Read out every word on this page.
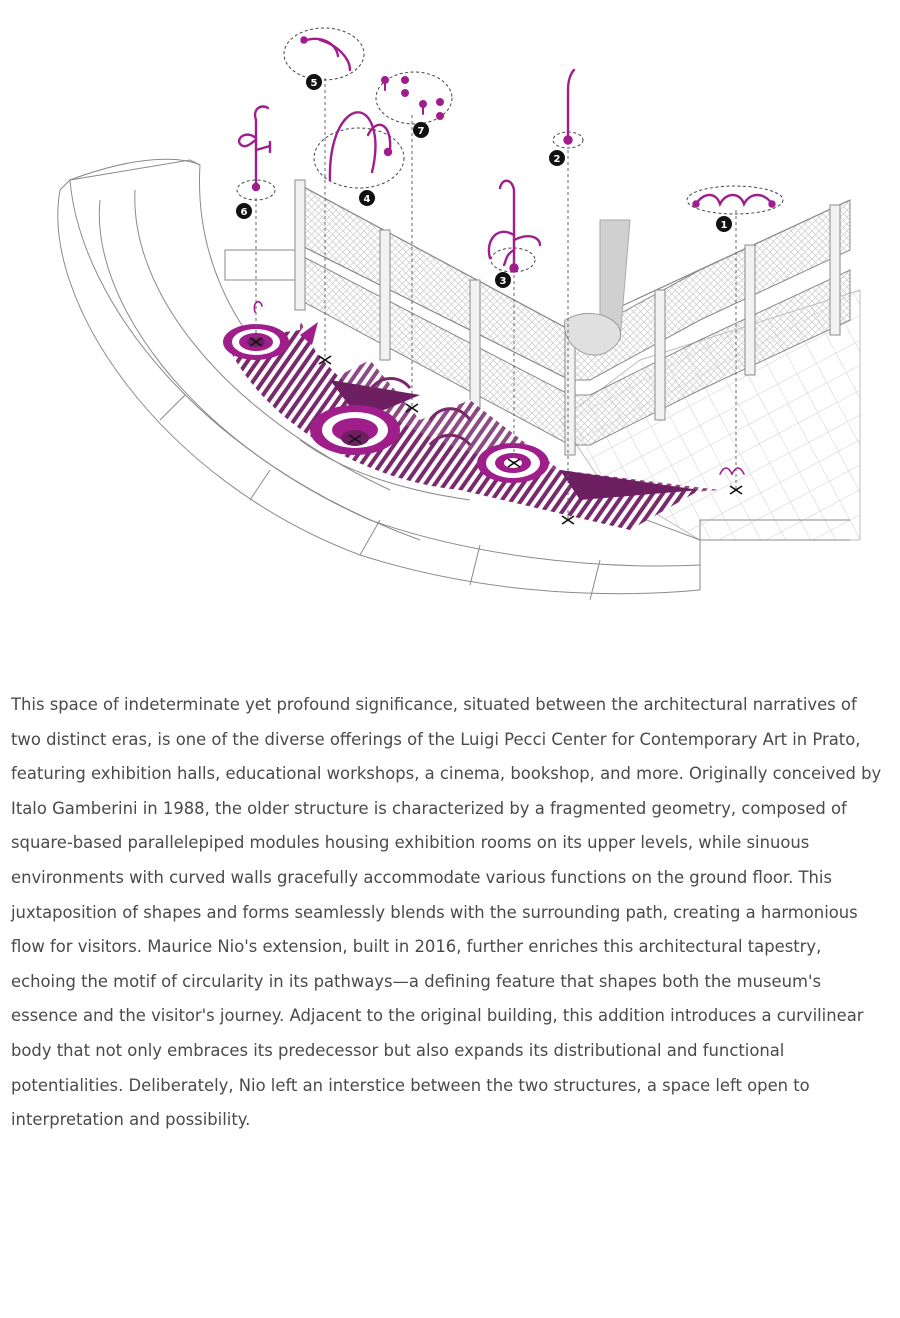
1
2
3
4
5
6
7

This space of indeterminate yet profound significance, situated between the architectural narratives of two distinct eras, is one of the diverse offerings of the Luigi Pecci Center for Contemporary Art in Prato, featuring exhibition halls, educational workshops, a cinema, bookshop, and more. Originally conceived by Italo Gamberini in 1988, the older structure is characterized by a fragmented geometry, composed of square-based parallelepiped modules housing exhibition rooms on its upper levels, while sinuous environments with curved walls gracefully accommodate various functions on the ground floor. This juxtaposition of shapes and forms seamlessly blends with the surrounding path, creating a harmonious flow for visitors. Maurice Nio's extension, built in 2016, further enriches this architectural tapestry, echoing the motif of circularity in its pathways—a defining feature that shapes both the museum's essence and the visitor's journey. Adjacent to the original building, this addition introduces a curvilinear body that not only embraces its predecessor but also expands its distributional and functional potentialities. Deliberately, Nio left an interstice between the two structures, a space left open to interpretation and possibility.
